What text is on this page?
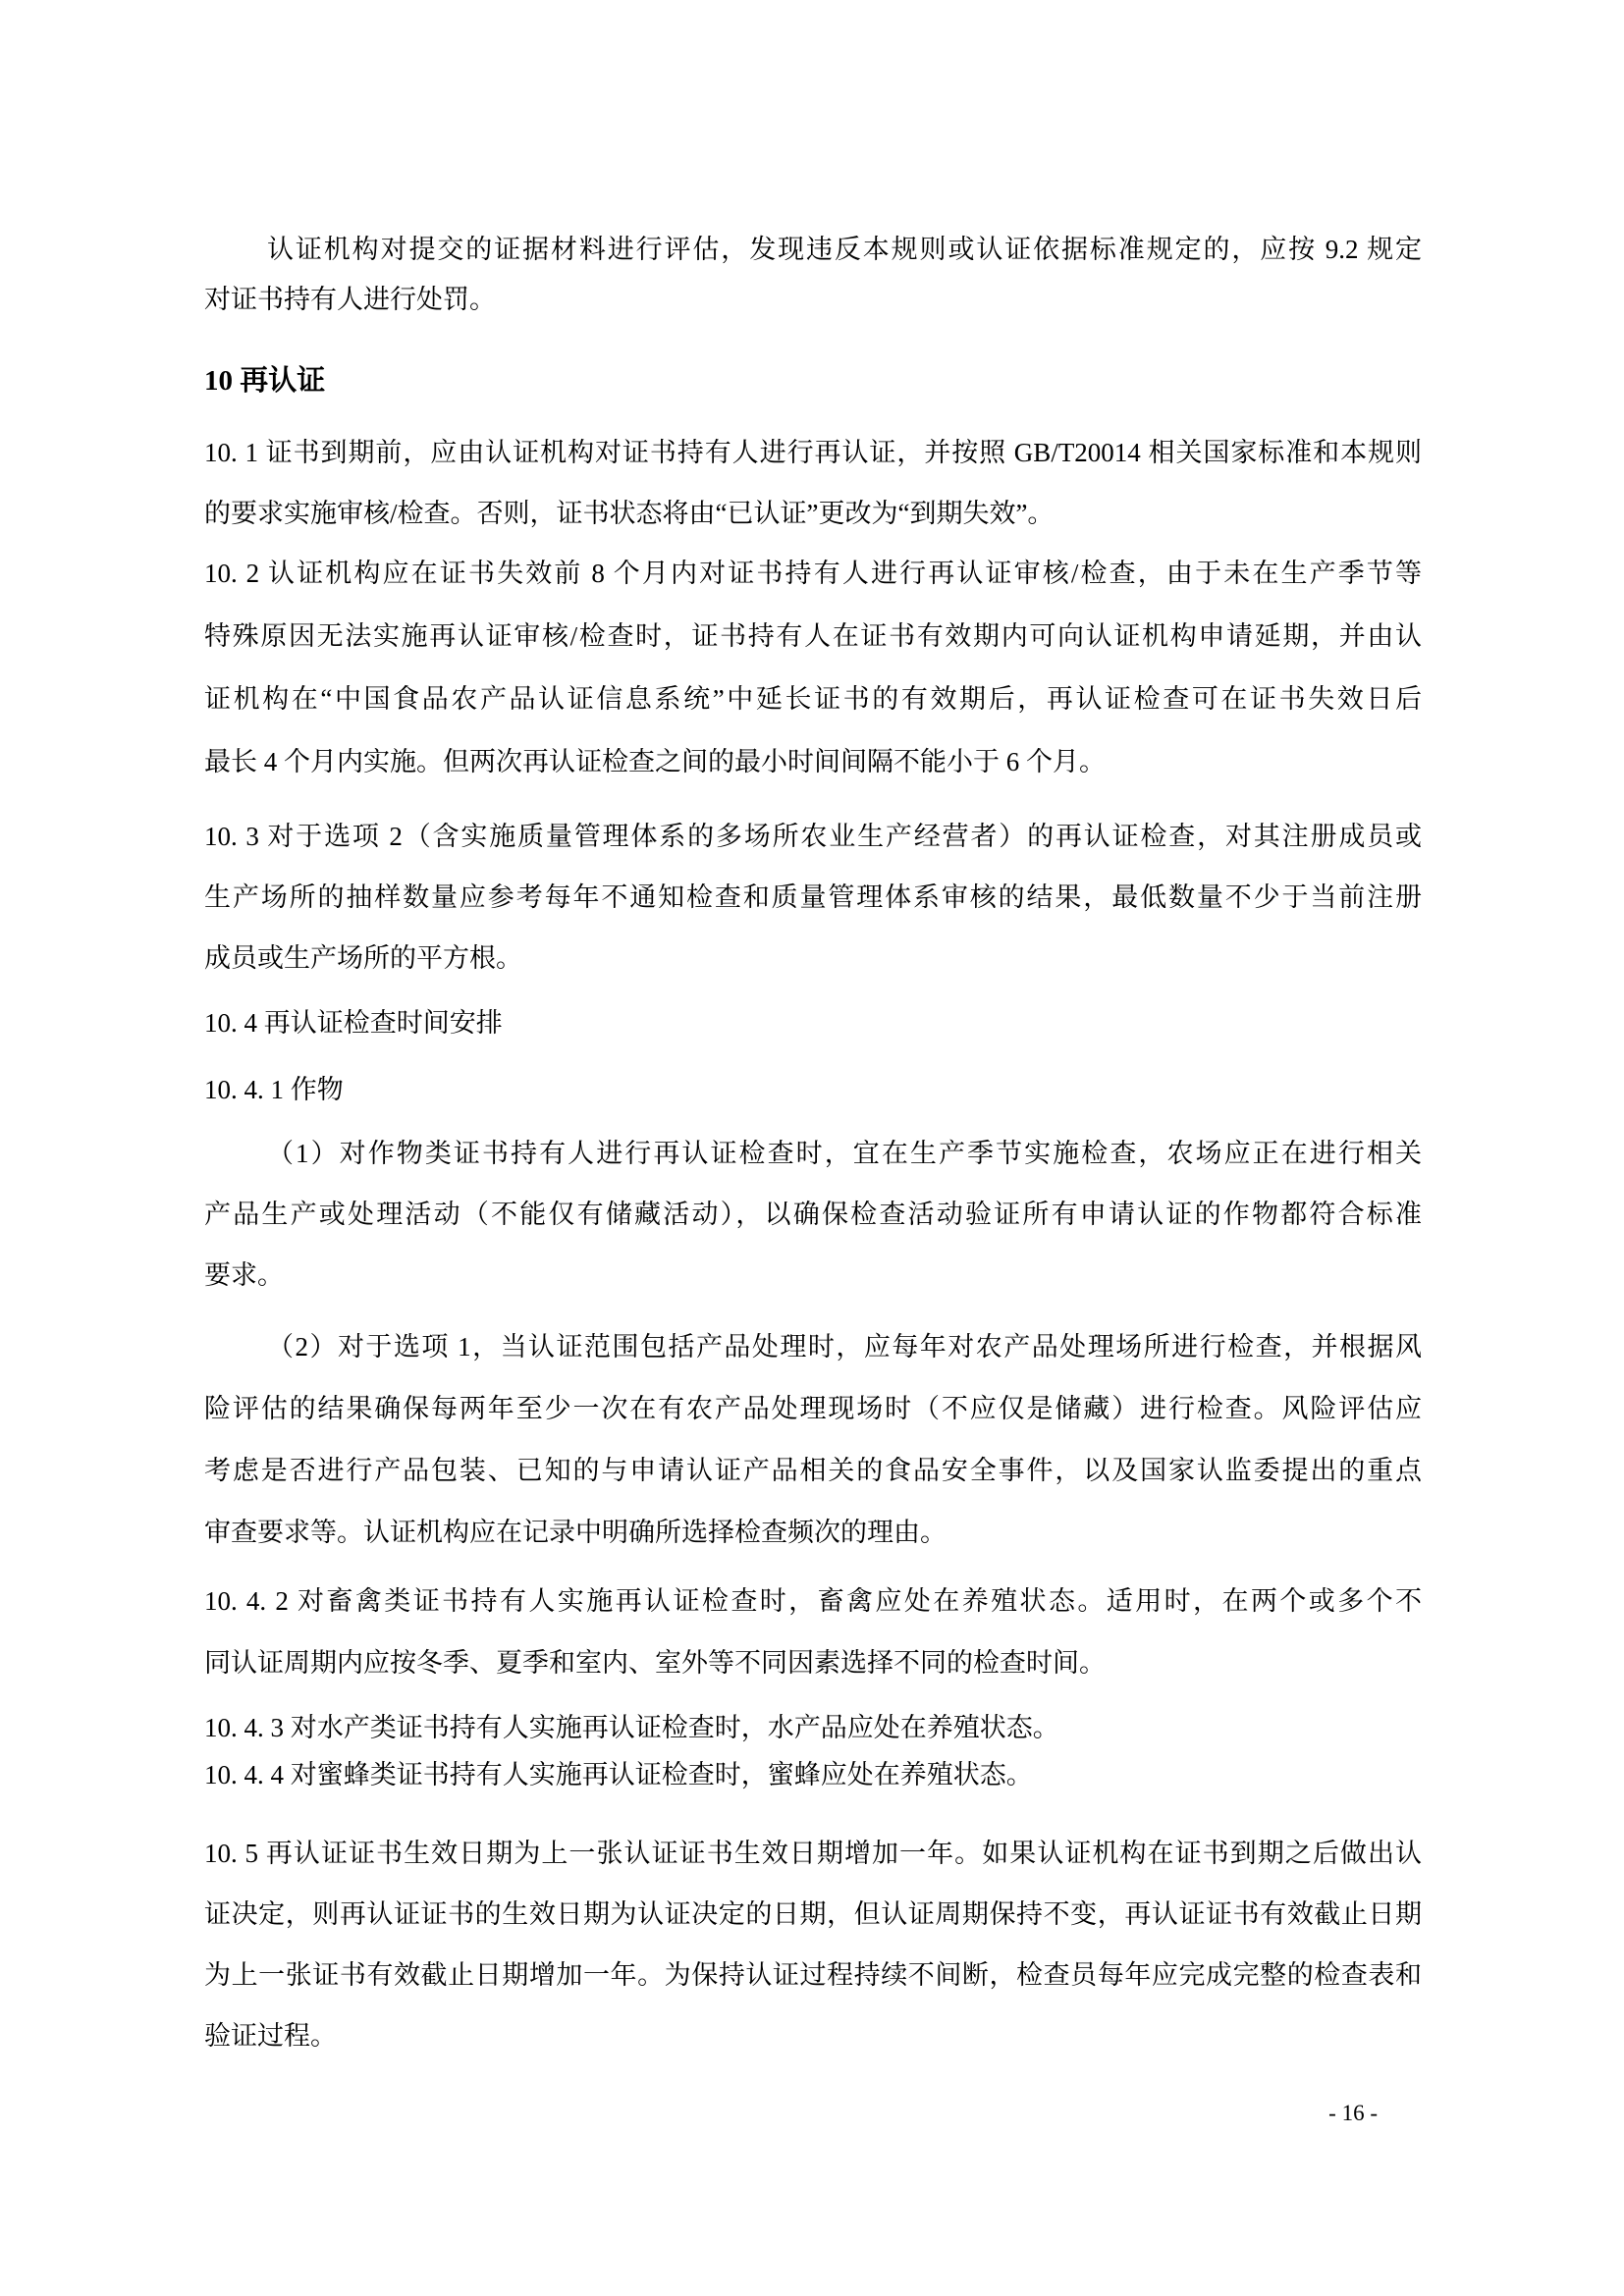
认证机构对提交的证据材料进行评估，发现违反本规则或认证依据标准规定的，应按 9.2 规定
对证书持有人进行处罚。
10 再认证
10. 1 证书到期前，应由认证机构对证书持有人进行再认证，并按照 GB/T20014 相关国家标准和本规则
的要求实施审核/检查。否则，证书状态将由“已认证”更改为“到期失效”。
10. 2 认证机构应在证书失效前 8 个月内对证书持有人进行再认证审核/检查，由于未在生产季节等
特殊原因无法实施再认证审核/检查时，证书持有人在证书有效期内可向认证机构申请延期，并由认
证机构在“中国食品农产品认证信息系统”中延长证书的有效期后，再认证检查可在证书失效日后
最长 4 个月内实施。但两次再认证检查之间的最小时间间隔不能小于 6 个月。
10. 3 对于选项 2（含实施质量管理体系的多场所农业生产经营者）的再认证检查，对其注册成员或
生产场所的抽样数量应参考每年不通知检查和质量管理体系审核的结果，最低数量不少于当前注册
成员或生产场所的平方根。
10. 4 再认证检查时间安排
10. 4. 1 作物
（1）对作物类证书持有人进行再认证检查时，宜在生产季节实施检查，农场应正在进行相关
产品生产或处理活动（不能仅有储藏活动），以确保检查活动验证所有申请认证的作物都符合标准
要求。
（2）对于选项 1，当认证范围包括产品处理时，应每年对农产品处理场所进行检查，并根据风
险评估的结果确保每两年至少一次在有农产品处理现场时（不应仅是储藏）进行检查。风险评估应
考虑是否进行产品包装、已知的与申请认证产品相关的食品安全事件，以及国家认监委提出的重点
审查要求等。认证机构应在记录中明确所选择检查频次的理由。
10. 4. 2 对畜禽类证书持有人实施再认证检查时，畜禽应处在养殖状态。适用时，在两个或多个不
同认证周期内应按冬季、夏季和室内、室外等不同因素选择不同的检查时间。
10. 4. 3 对水产类证书持有人实施再认证检查时，水产品应处在养殖状态。
10. 4. 4 对蜜蜂类证书持有人实施再认证检查时，蜜蜂应处在养殖状态。
10. 5 再认证证书生效日期为上一张认证证书生效日期增加一年。如果认证机构在证书到期之后做出认
证决定，则再认证证书的生效日期为认证决定的日期，但认证周期保持不变，再认证证书有效截止日期
为上一张证书有效截止日期增加一年。为保持认证过程持续不间断，检查员每年应完成完整的检查表和
验证过程。
- 16 -
